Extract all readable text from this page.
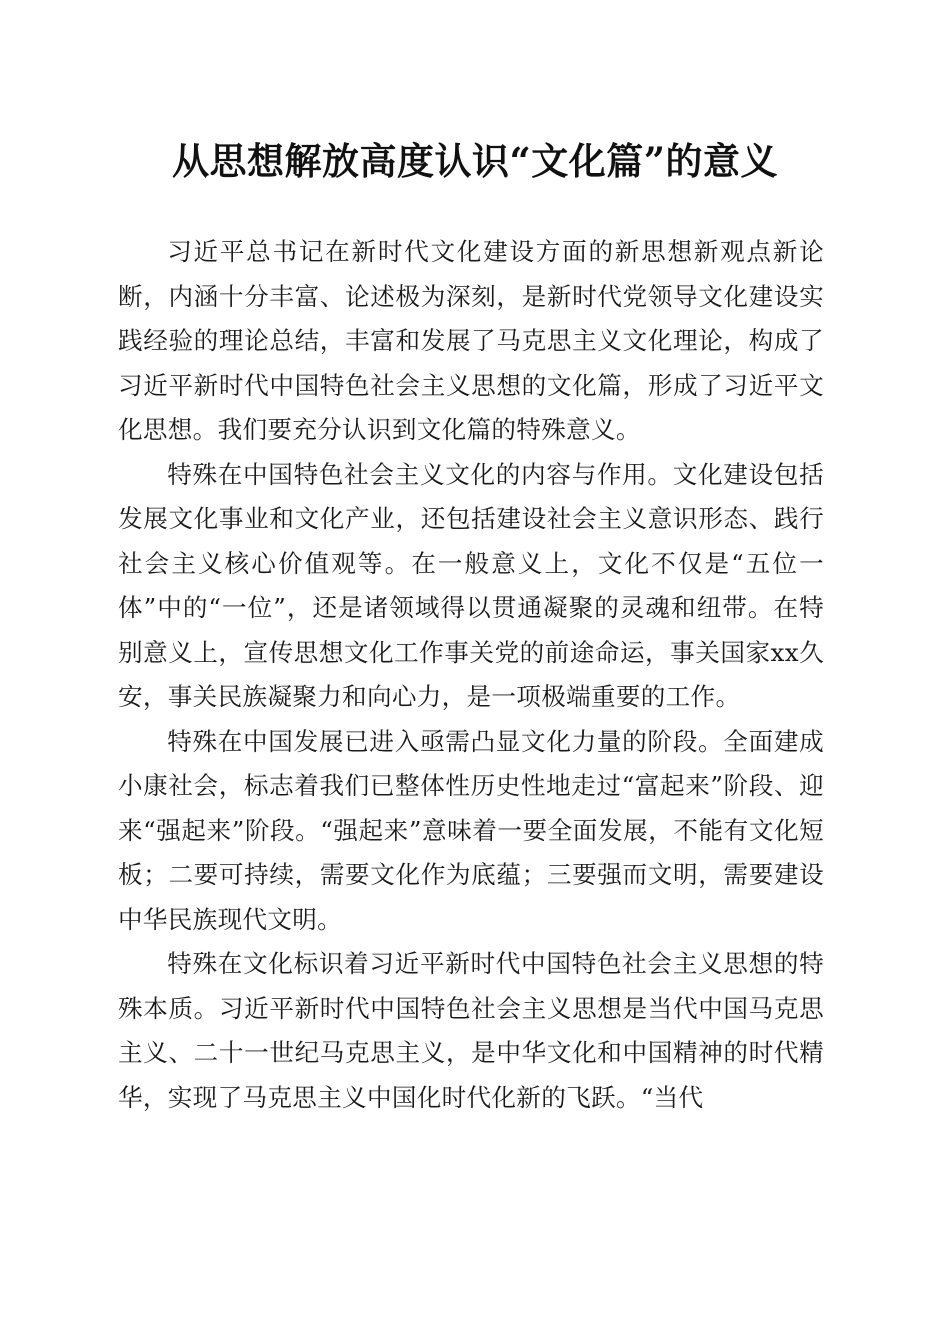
从思想解放高度认识“文化篇”的意义

习近平总书记在新时代文化建设方面的新思想新观点新论断，内涵十分丰富、论述极为深刻，是新时代党领导文化建设实践经验的理论总结，丰富和发展了马克思主义文化理论，构成了习近平新时代中国特色社会主义思想的文化篇，形成了习近平文化思想。我们要充分认识到文化篇的特殊意义。

特殊在中国特色社会主义文化的内容与作用。文化建设包括发展文化事业和文化产业，还包括建设社会主义意识形态、践行社会主义核心价值观等。在一般意义上，文化不仅是“五位一体”中的“一位”，还是诸领域得以贯通凝聚的灵魂和纽带。在特别意义上，宣传思想文化工作事关党的前途命运，事关国家xx久安，事关民族凝聚力和向心力，是一项极端重要的工作。

特殊在中国发展已进入亟需凸显文化力量的阶段。全面建成小康社会，标志着我们已整体性历史性地走过“富起来”阶段、迎来“强起来”阶段。“强起来”意味着一要全面发展，不能有文化短板；二要可持续，需要文化作为底蕴；三要强而文明，需要建设中华民族现代文明。

特殊在文化标识着习近平新时代中国特色社会主义思想的特殊本质。习近平新时代中国特色社会主义思想是当代中国马克思主义、二十一世纪马克思主义，是中华文化和中国精神的时代精华，实现了马克思主义中国化时代化新的飞跃。“当代
